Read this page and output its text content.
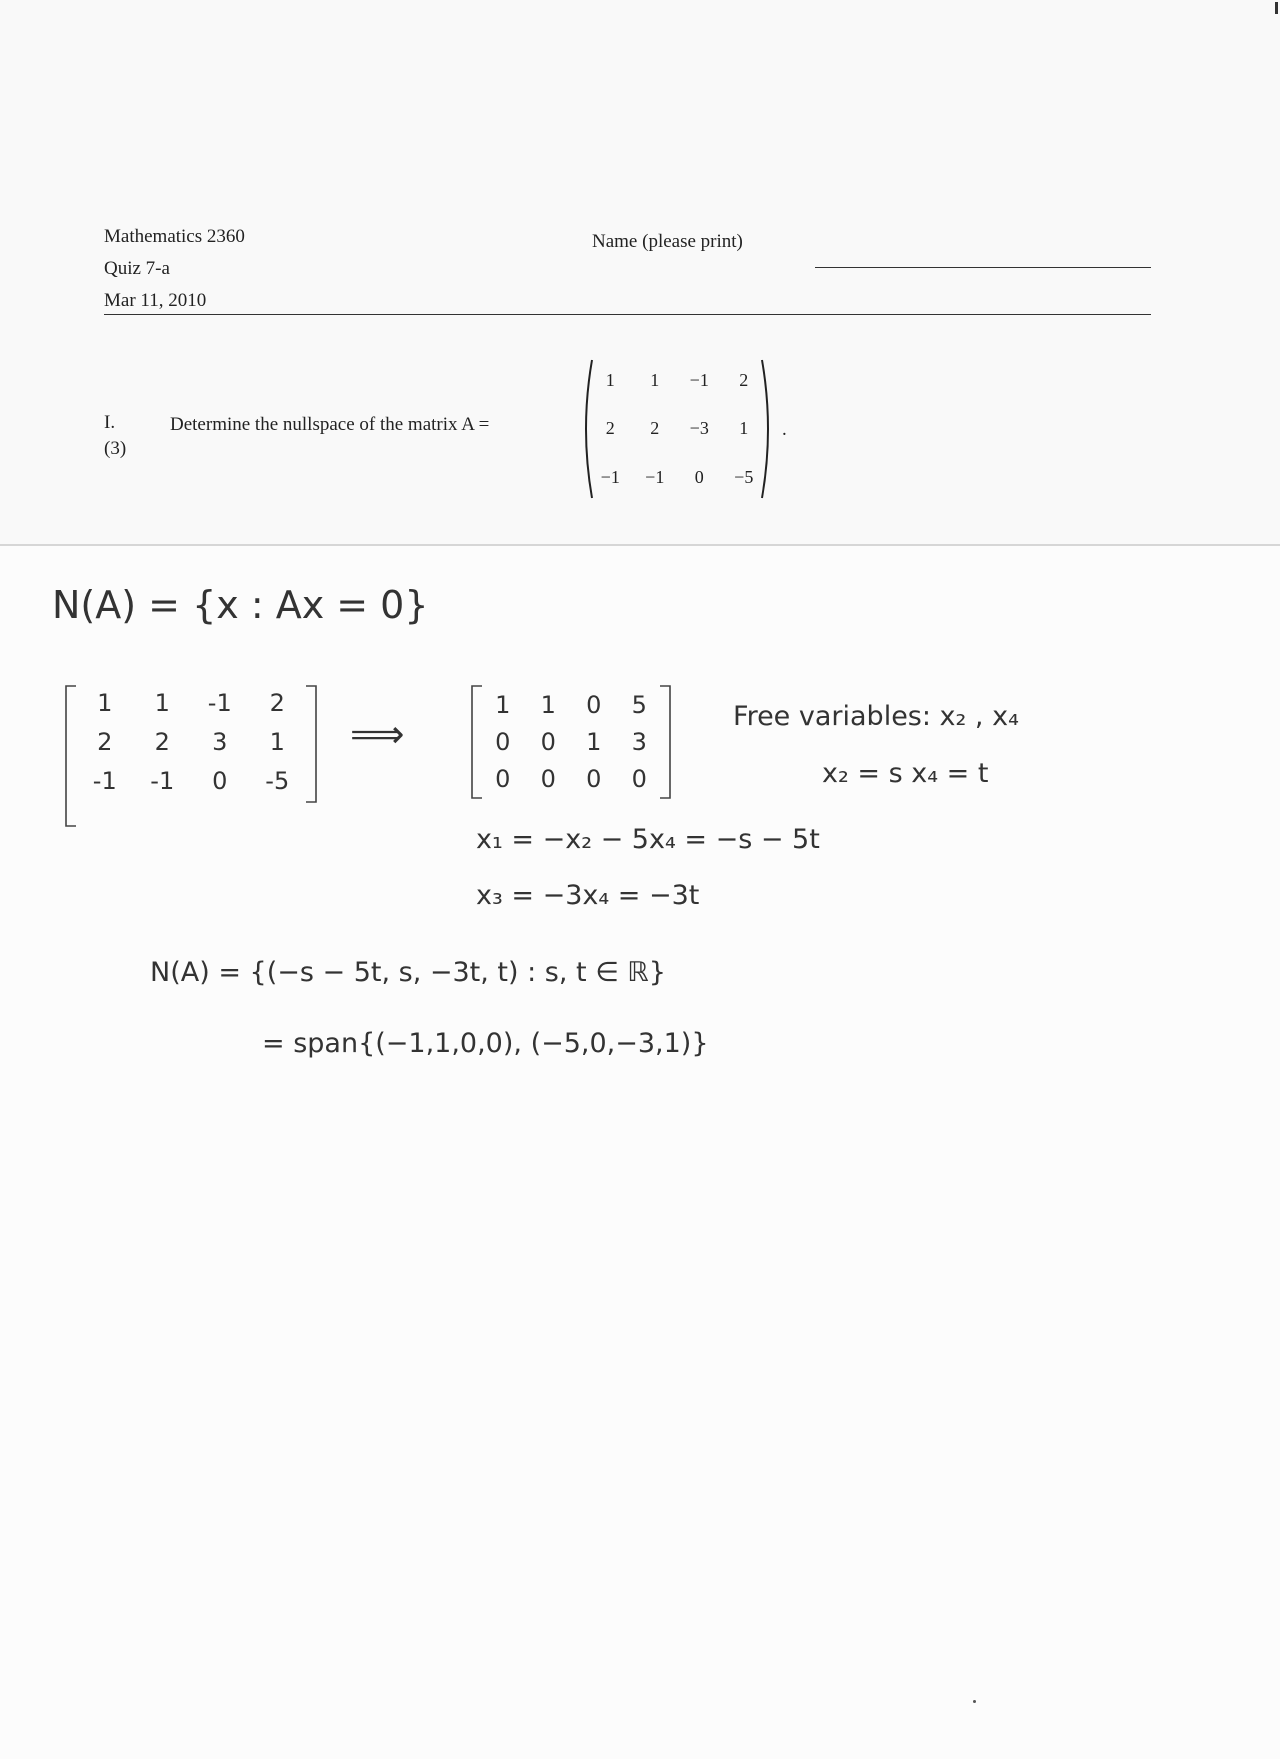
Mathematics 2360
Quiz 7-a
Mar 11, 2010
Name (please print)
I.
(3)
Determine the nullspace of the matrix A =
1 1 −1 2
2 2 −3 1
−1 −1 0 −5
.
N(A) = {x : Ax = 0}
1 1 -1 2
2 2 3 1
-1 -1 0 -5
⟹
1 1 0 5
0 0 1 3
0 0 0 0
Free variables: x₂ , x₄
x₂ = s x₄ = t
x₁ = −x₂ − 5x₄ = −s − 5t
x₃ = −3x₄ = −3t
N(A) = {(−s − 5t, s, −3t, t) : s, t ∈ ℝ}
= span{(−1,1,0,0), (−5,0,−3,1)}
